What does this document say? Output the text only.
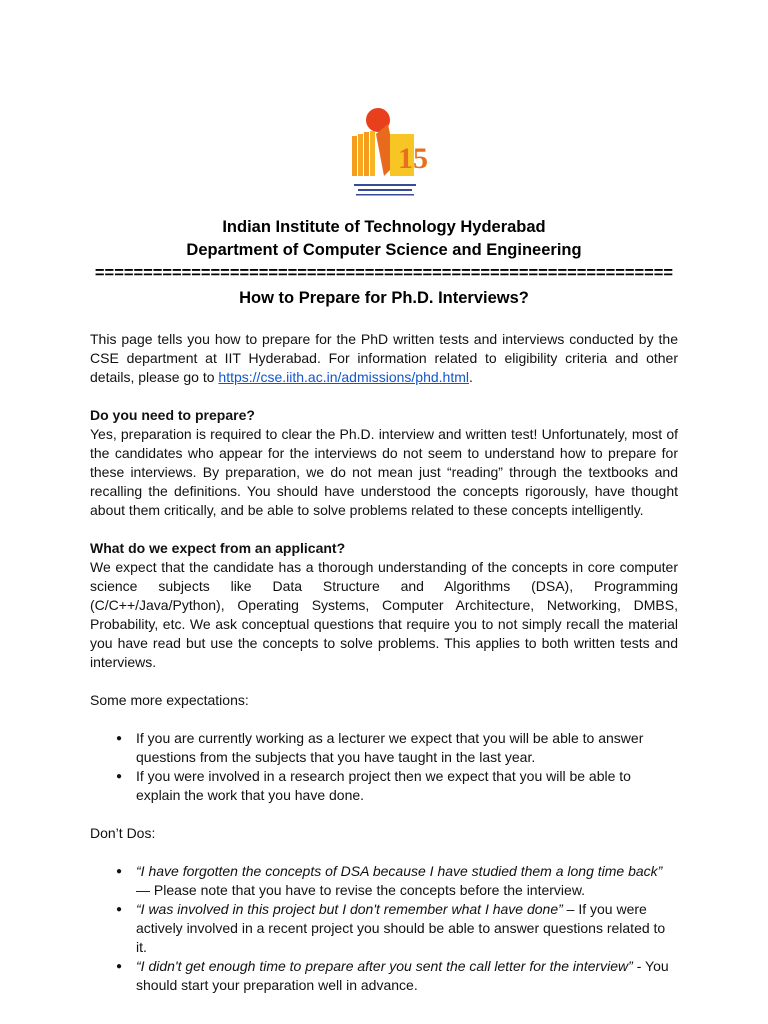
15
Indian Institute of Technology Hyderabad
Department of Computer Science and Engineering
============================================================
How to Prepare for Ph.D. Interviews?

This page tells you how to prepare for the PhD written tests and interviews conducted by the CSE department at IIT Hyderabad. For information related to eligibility criteria and other details, please go to https://cse.iith.ac.in/admissions/phd.html.

Do you need to prepare?

Yes, preparation is required to clear the Ph.D. interview and written test! Unfortunately, most of the candidates who appear for the interviews do not seem to understand how to prepare for these interviews. By preparation, we do not mean just “reading” through the textbooks and recalling the definitions. You should have understood the concepts rigorously, have thought about them critically, and be able to solve problems related to these concepts intelligently.

What do we expect from an applicant?

We expect that the candidate has a thorough understanding of the concepts in core computer science subjects like Data Structure and Algorithms (DSA), Programming (C/C++/Java/Python), Operating Systems, Computer Architecture, Networking, DMBS, Probability, etc. We ask conceptual questions that require you to not simply recall the material you have read but use the concepts to solve problems. This applies to both written tests and interviews.

Some more expectations:

● If you are currently working as a lecturer we expect that you will be able to answer questions from the subjects that you have taught in the last year.
● If you were involved in a research project then we expect that you will be able to explain the work that you have done.

Don’t Dos:

● “I have forgotten the concepts of DSA because I have studied them a long time back” — Please note that you have to revise the concepts before the interview.
● “I was involved in this project but I don't remember what I have done” – If you were actively involved in a recent project you should be able to answer questions related to it.
● “I didn't get enough time to prepare after you sent the call letter for the interview” - You should start your preparation well in advance.
